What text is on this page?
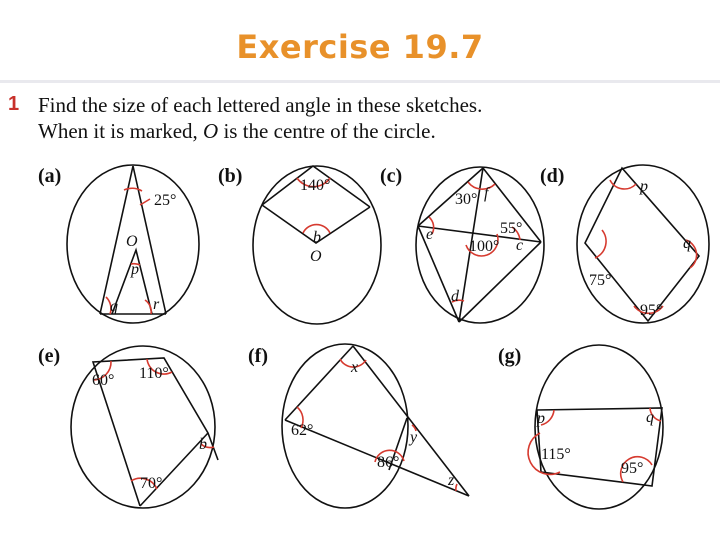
Exercise 19.7
1 Find the size of each lettered angle in these sketches.
When it is marked, O is the centre of the circle.
(a)	(b)	(c)	(d)
(e)	(f)	(g)
25°
O
p
q r
140°
b
O
30° f
55°
e
100° c
d
p
q
75°
95°
60° 110°
b
70°
x
62°	y
86°
z
p	q
115°
95°
